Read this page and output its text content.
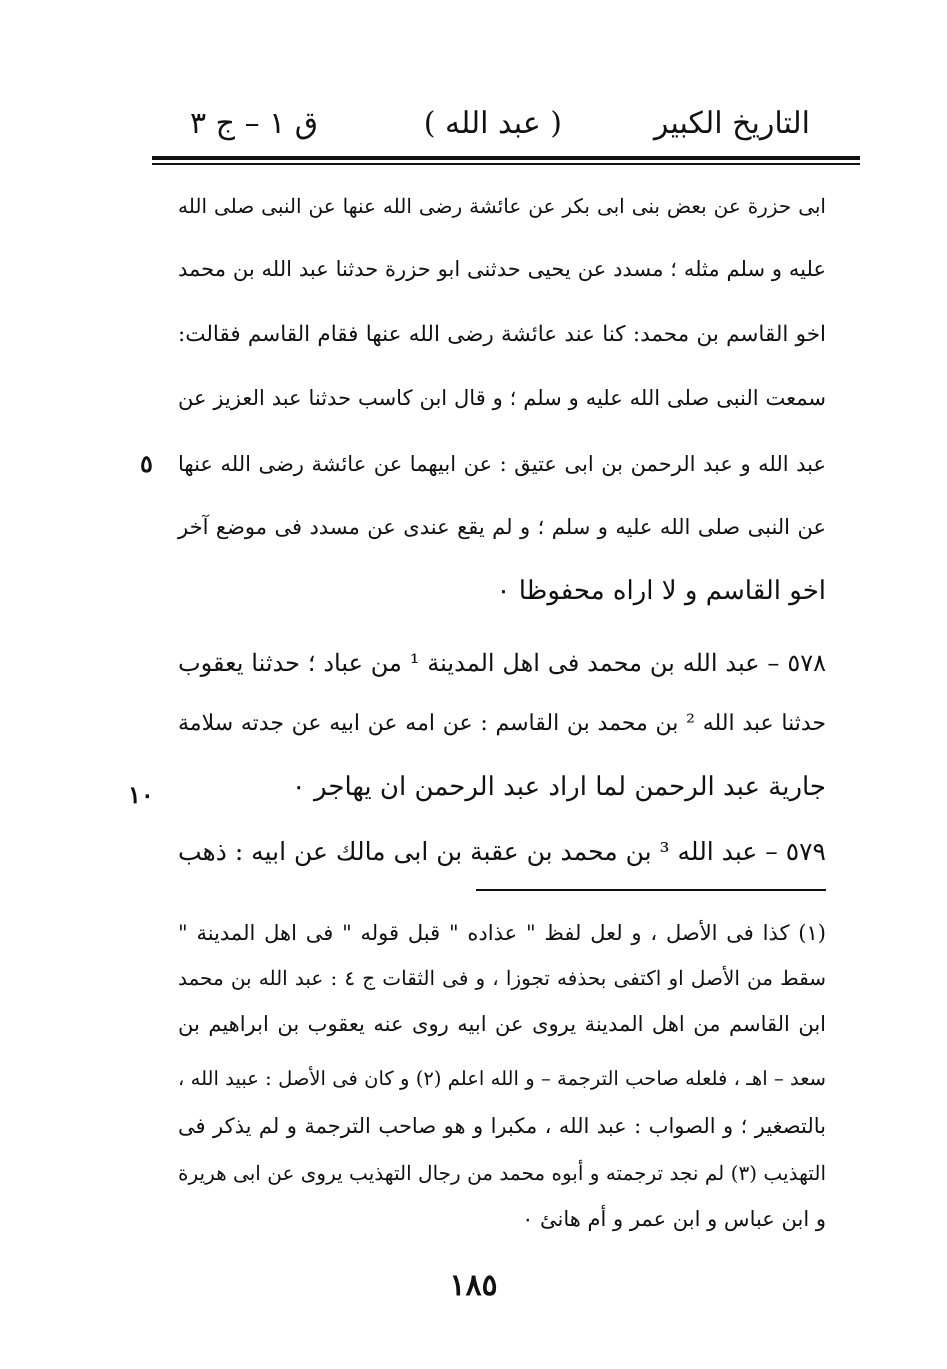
التاريخ الكبير
( عبد الله )
ق ١ – ج ٣
ابى حزرة عن بعض بنى ابى بكر عن عائشة رضى الله عنها عن النبى صلى الله
عليه و سلم مثله ؛ مسدد عن يحيى حدثنى ابو حزرة حدثنا عبد الله بن محمد
اخو القاسم بن محمد: كنا عند عائشة رضى الله عنها فقام القاسم فقالت:
سمعت النبى صلى الله عليه و سلم ؛ و قال ابن كاسب حدثنا عبد العزيز عن
عبد الله و عبد الرحمن بن ابى عتيق : عن ابيهما عن عائشة رضى الله عنها
عن النبى صلى الله عليه و سلم ؛ و لم يقع عندى عن مسدد فى موضع آخر
اخو القاسم و لا اراه محفوظا ٠
٥٧٨ – عبد الله بن محمد فى اهل المدينة ¹ من عباد ؛ حدثنا يعقوب
حدثنا عبد الله ² بن محمد بن القاسم : عن امه عن ابيه عن جدته سلامة
جارية عبد الرحمن لما اراد عبد الرحمن ان يهاجر ٠
٥٧٩ – عبد الله ³ بن محمد بن عقبة بن ابى مالك عن ابيه : ذهب
٥
١٠
(١) كذا فى الأصل ، و لعل لفظ " عذاده " قبل قوله " فى اهل المدينة "
سقط من الأصل او اكتفى بحذفه تجوزا ، و فى الثقات ج ٤ : عبد الله بن محمد
ابن القاسم من اهل المدينة يروى عن ابيه روى عنه يعقوب بن ابراهيم بن
سعد – اهـ ، فلعله صاحب الترجمة – و الله اعلم (٢) و كان فى الأصل : عبيد الله ،
بالتصغير ؛ و الصواب : عبد الله ، مكبرا و هو صاحب الترجمة و لم يذكر فى
التهذيب (٣) لم نجد ترجمته و أبوه محمد من رجال التهذيب يروى عن ابى هريرة
و ابن عباس و ابن عمر و أم هانئ ٠
١٨٥
